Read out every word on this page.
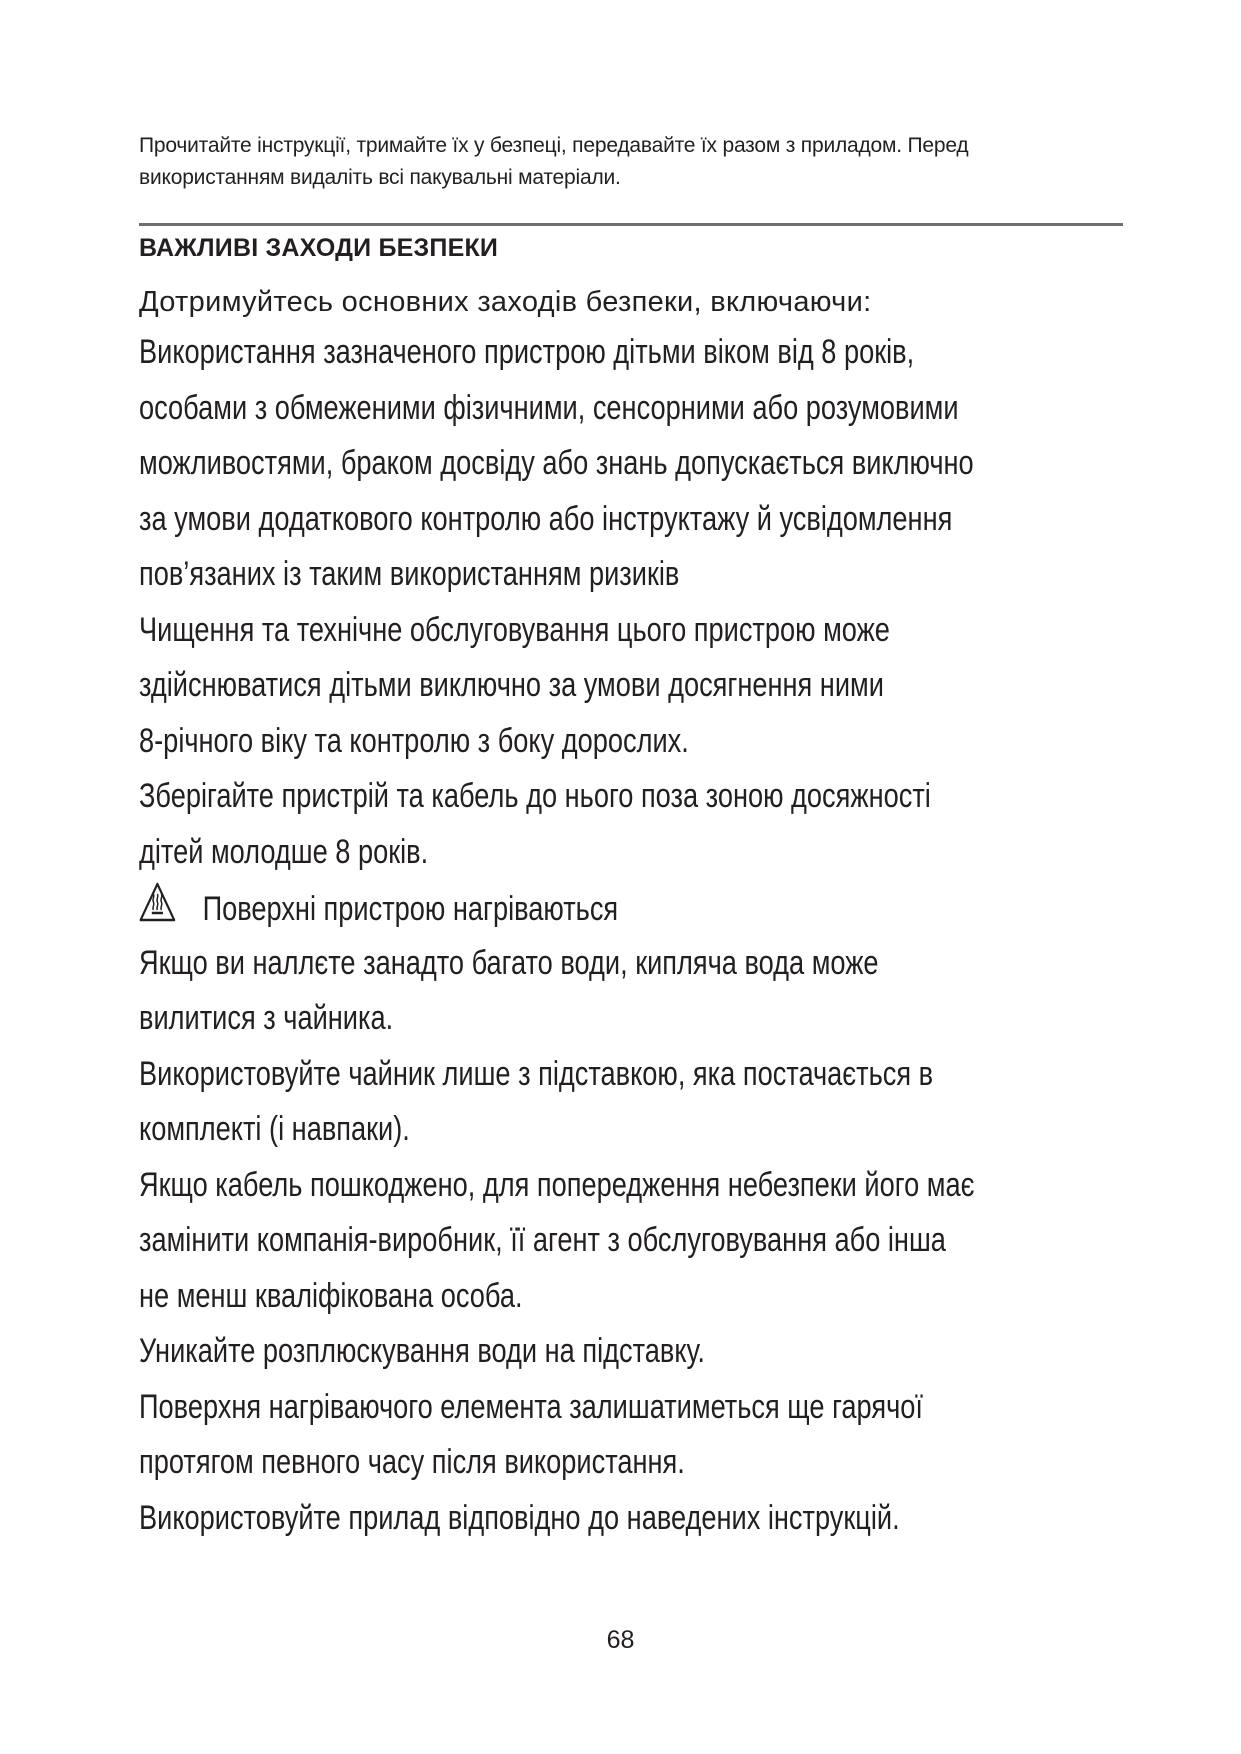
Прочитайте інструкції, тримайте їх у безпеці, передавайте їх разом з приладом. Перед

використанням видаліть всі пакувальні матеріали.

ВАЖЛИВІ ЗАХОДИ БЕЗПЕКИ
Дотримуйтесь основних заходів безпеки, включаючи:
Використання зазначеного пристрою дітьми віком від 8 років,
особами з обмеженими фізичними, сенсорними або розумовими
можливостями, браком досвіду або знань допускається виключно
за умови додаткового контролю або інструктажу й усвідомлення
пов’язаних із таким використанням ризиків
Чищення та технічне обслуговування цього пристрою може
здійснюватися дітьми виключно за умови досягнення ними
8-річного віку та контролю з боку дорослих.
Зберігайте пристрій та кабель до нього поза зоною досяжності
дітей молодше 8 років.
Поверхні пристрою нагріваються
Якщо ви наллєте занадто багато води, кипляча вода може
вилитися з чайника.
Використовуйте чайник лише з підставкою, яка постачається в
комплекті (і навпаки).
Якщо кабель пошкоджено, для попередження небезпеки його має
замінити компанія-виробник, її агент з обслуговування або інша
не менш кваліфікована особа.
Уникайте розплюскування води на підставку.
Поверхня нагріваючого елемента залишатиметься ще гарячої
протягом певного часу після використання.
Використовуйте прилад відповідно до наведених інструкцій.
68
